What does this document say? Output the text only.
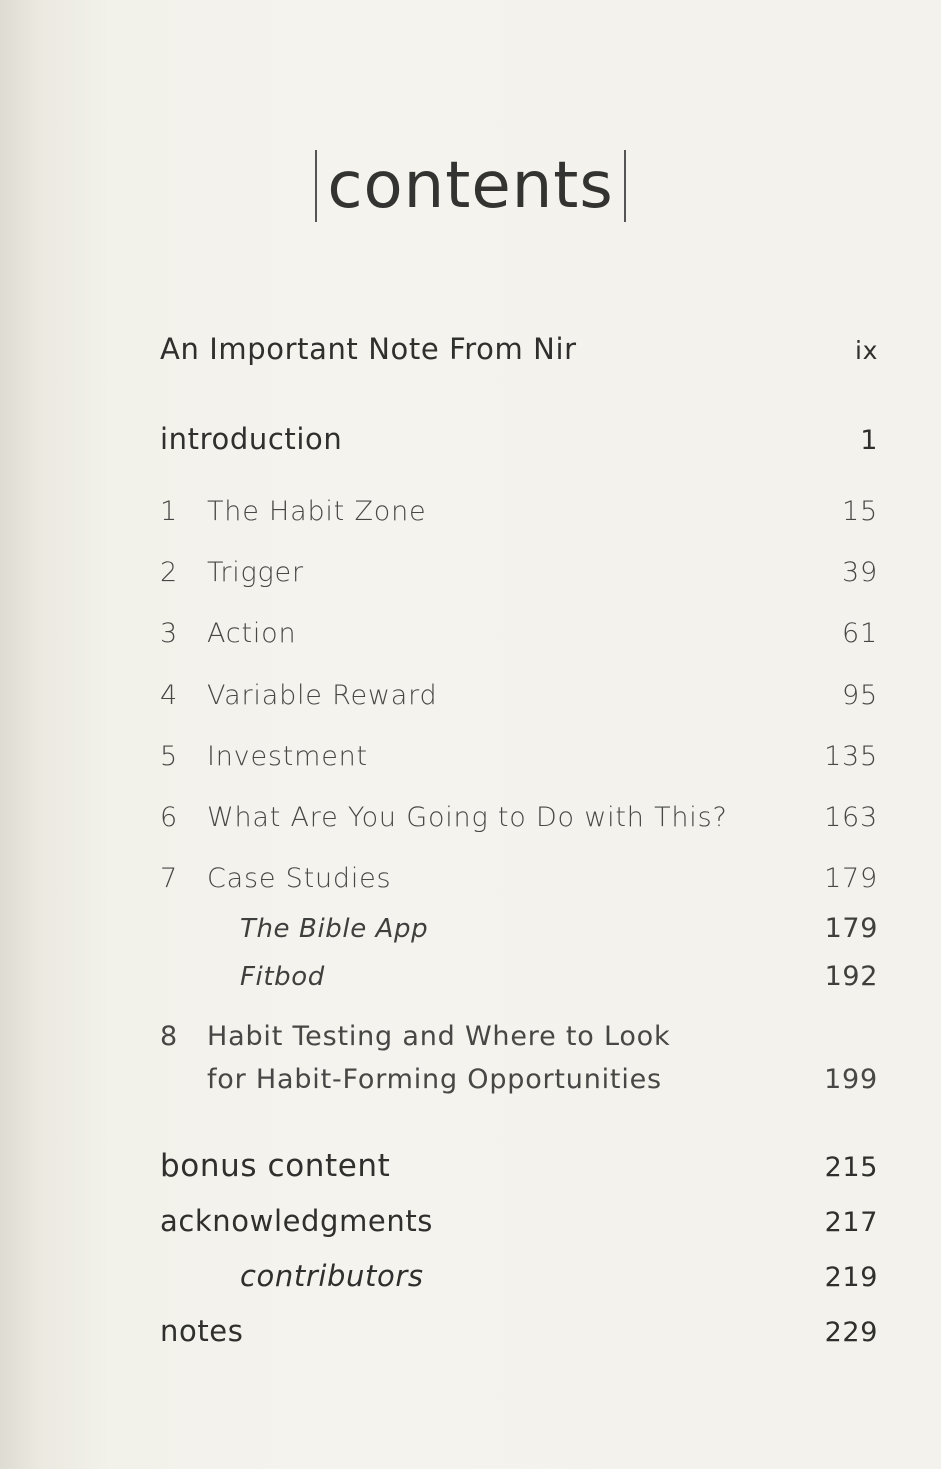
contents
An Important Note From Nir	ix
introduction	1
1 The Habit Zone	15
2 Trigger	39
3 Action	61
4 Variable Reward	95
5 Investment	135
6 What Are You Going to Do with This?	163
7 Case Studies	179
The Bible App	179
Fitbod	192
8 Habit Testing and Where to Look
for Habit-Forming Opportunities	199
bonus content	215
acknowledgments	217
contributors	219
notes	229
